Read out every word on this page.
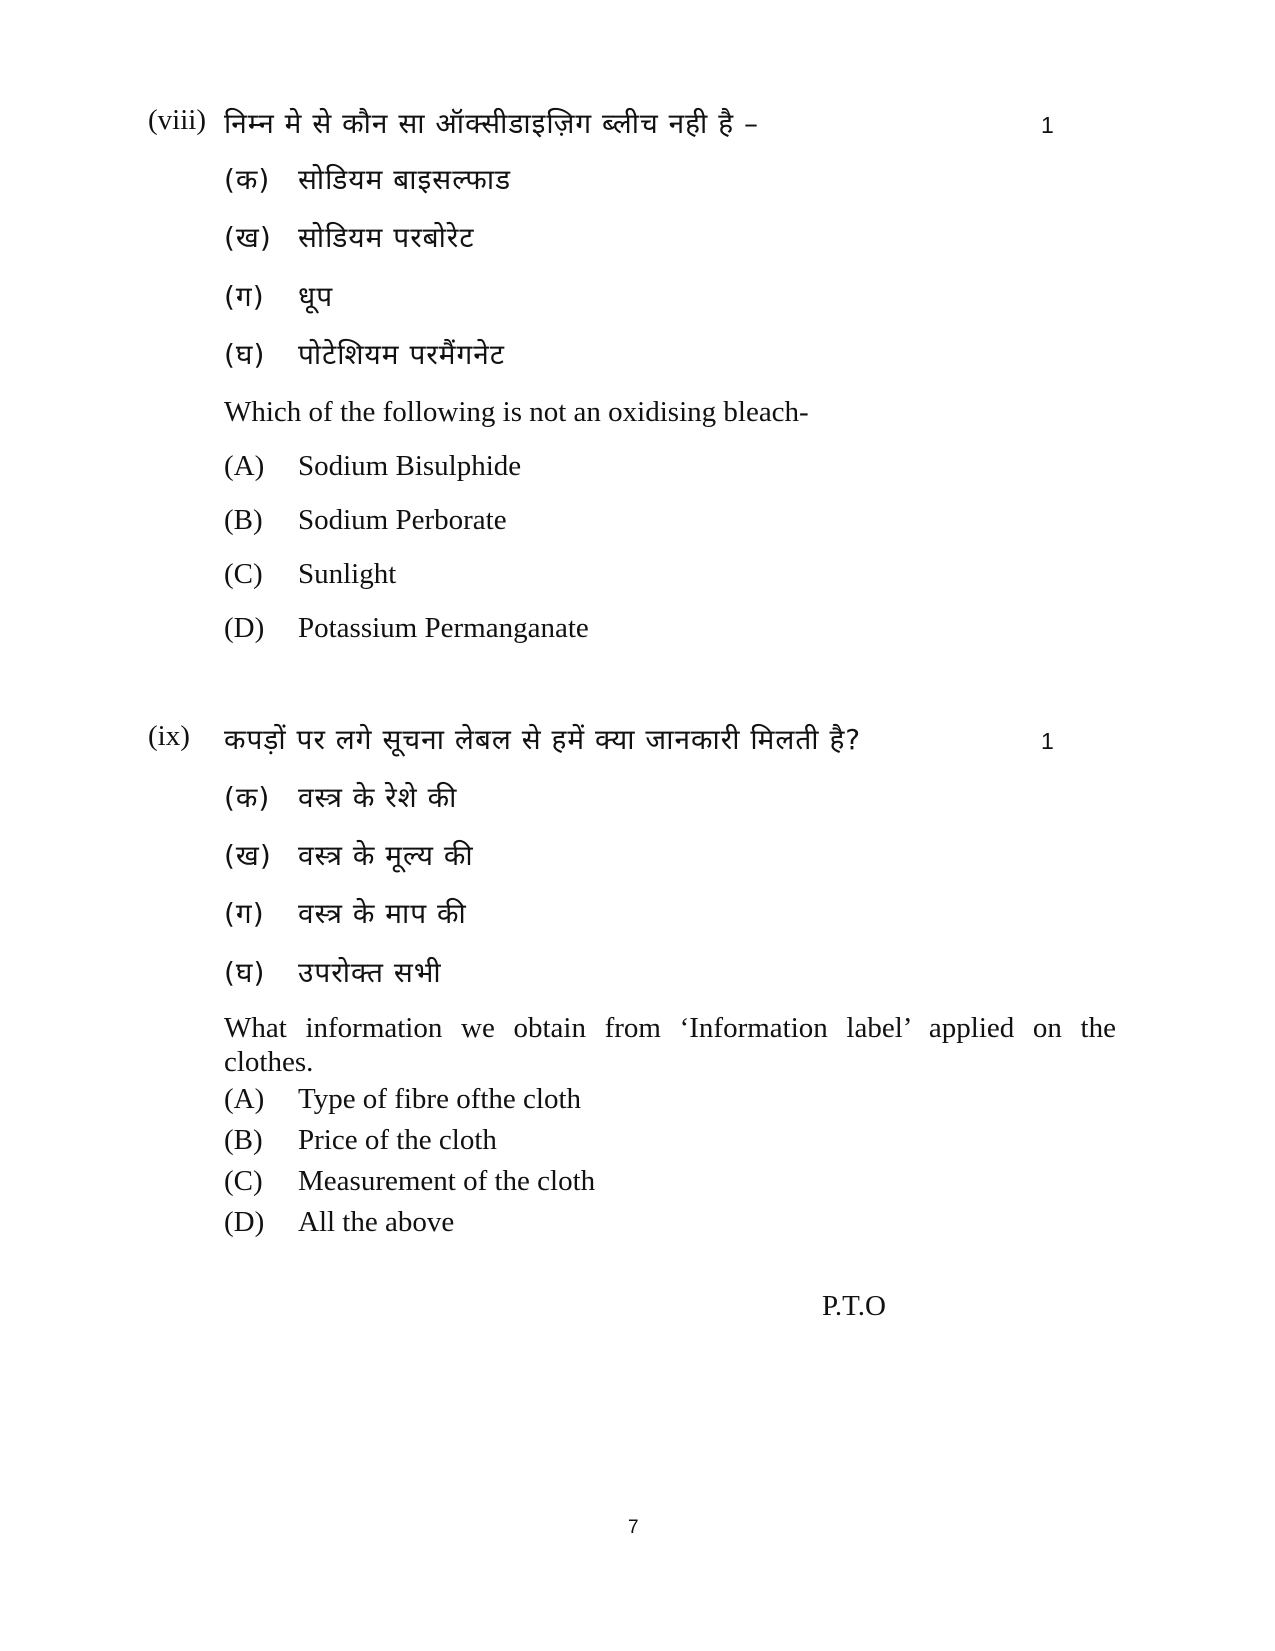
(viii) निम्न मे से कौन सा ऑक्सीडाइज़िग ब्लीच नही है –	1
(क) सोडियम बाइसल्फाड
(ख) सोडियम परबोरेट
(ग) धूप
(घ) पोटेशियम परमैंगनेट
Which of the following is not an oxidising bleach-
(A) Sodium Bisulphide
(B) Sodium Perborate
(C) Sunlight
(D) Potassium Permanganate
(ix) कपड़ों पर लगे सूचना लेबल से हमें क्या जानकारी मिलती है?	1
(क) वस्त्र के रेशे की
(ख) वस्त्र के मूल्य की
(ग) वस्त्र के माप की
(घ) उपरोक्त सभी
What information we obtain from ‘Information label’ applied on the
clothes.
(A) Type of fibre ofthe cloth
(B) Price of the cloth
(C) Measurement of the cloth
(D) All the above
P.T.O
7
